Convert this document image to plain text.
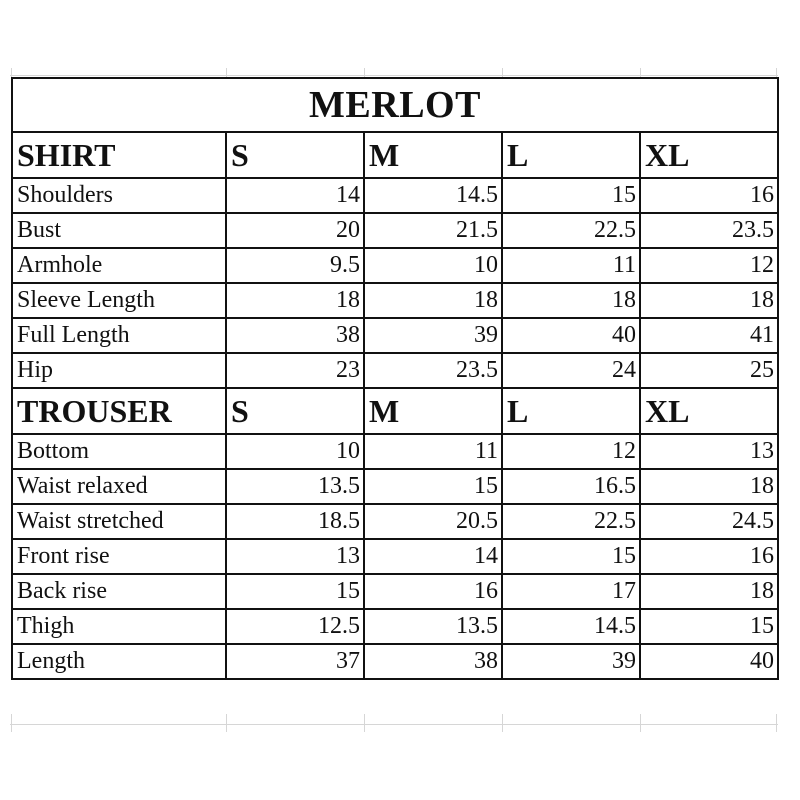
MERLOT				
SHIRT	S	M	L	XL
Shoulders	14	14.5	15	16
Bust	20	21.5	22.5	23.5
Armhole	9.5	10	11	12
Sleeve Length	18	18	18	18
Full Length	38	39	40	41
Hip	23	23.5	24	25
TROUSER	S	M	L	XL
Bottom	10	11	12	13
Waist relaxed	13.5	15	16.5	18
Waist stretched	18.5	20.5	22.5	24.5
Front rise	13	14	15	16
Back rise	15	16	17	18
Thigh	12.5	13.5	14.5	15
Length	37	38	39	40
